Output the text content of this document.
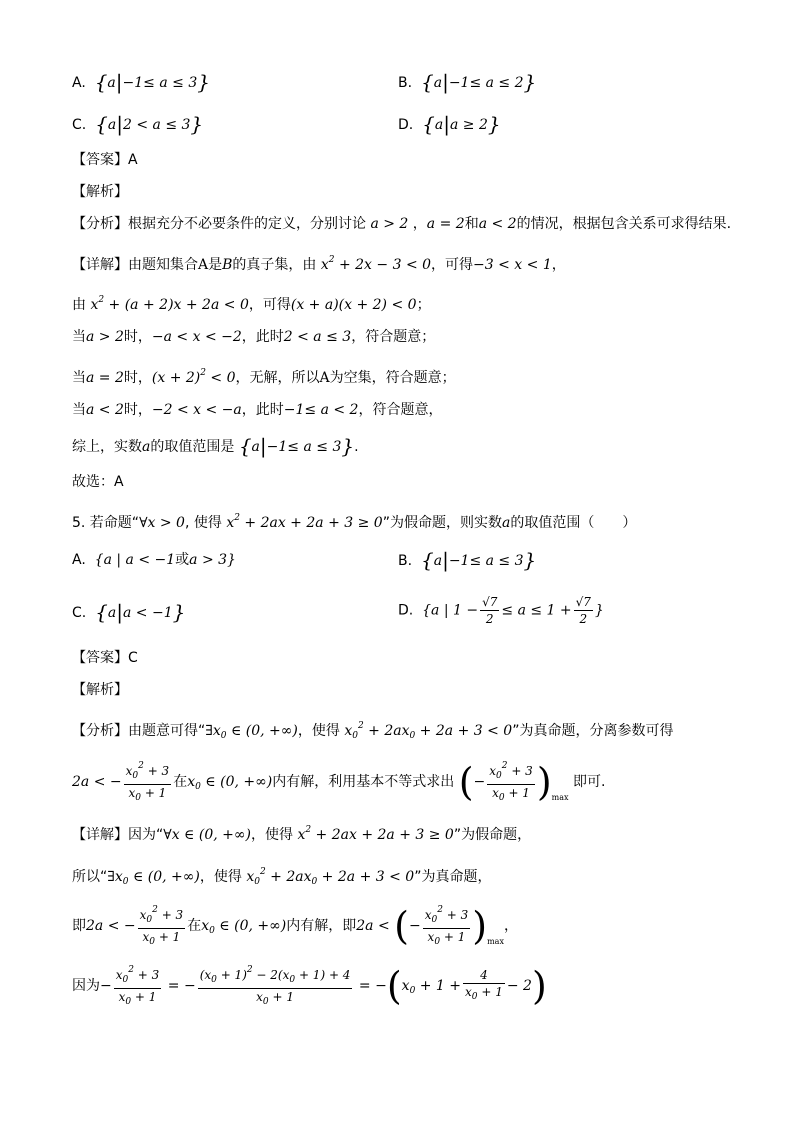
A. {a|−1≤ a ≤ 3}	B. {a|−1≤ a ≤ 2}
C. {a|2 < a ≤ 3}	D. {a|a ≥ 2}
【答案】A
【解析】
【分析】根据充分不必要条件的定义，分别讨论 a > 2 ，a = 2和a < 2的情况，根据包含关系可求得结果.
【详解】由题知集合A是B的真子集，由 $x^2 + 2x - 3 < 0$，可得−3 < x < 1，
由 $x^2 + (a + 2)x + 2a < 0$，可得(x + a)(x + 2) < 0；
当a > 2时，−a < x < −2，此时2 < a ≤ 3，符合题意；
当a = 2时，$(x + 2)^2 < 0$，无解，所以A为空集，符合题意；
当a < 2时，−2 < x < −a，此时−1≤ a < 2，符合题意，
综上，实数a的取值范围是 {a|−1≤ a ≤ 3}.
故选：A
5. 若命题“∀x > 0, 使得 $x^2 + 2ax + 2a + 3 \ge 0$”为假命题，则实数a的取值范围（　　）
A.  {a | a < −1或a > 3}	B. {a|−1≤ a ≤ 3}
C. {a|a < −1}	D.  {a | $1 - \frac{√7}{2} \le a \le 1 + \frac{√7}{2}$ }
【答案】C
【解析】
【分析】由题意可得“$\exists x_0$ ∈ (0, +∞)，使得 $x_0^2 + 2ax_0 + 2a + 3 < 0$”为真命题，分离参数可得
2a < − $\frac{x_0^2 + 3}{x_0 + 1}$ 在$x_0$ ∈ (0, +∞)内有解，利用基本不等式求出 (− $\frac{x_0^2 + 3}{x_0 + 1} )_{max}$ 即可.
【详解】因为“∀x ∈ (0, +∞)，使得 $x^2 + 2ax + 2a + 3 \ge 0$”为假命题，
所以“$\exists x_0$ ∈ (0, +∞)，使得 $x_0^2 + 2ax_0 + 2a + 3 < 0$”为真命题，
即2a < − $\frac{x_0^2 + 3}{x_0 + 1}$ 在$x_0$ ∈ (0, +∞)内有解，即2a < (− $\frac{x_0^2 + 3}{x_0 + 1} )_{max}$，
因为− $\frac{x_0^2 + 3}{x_0 + 1}$ = − $\frac{(x_0 + 1)^2 - 2(x_0 + 1) + 4}{x_0 + 1} = -(x_0 + 1 + \frac{4}{x_0 + 1} - 2)$
